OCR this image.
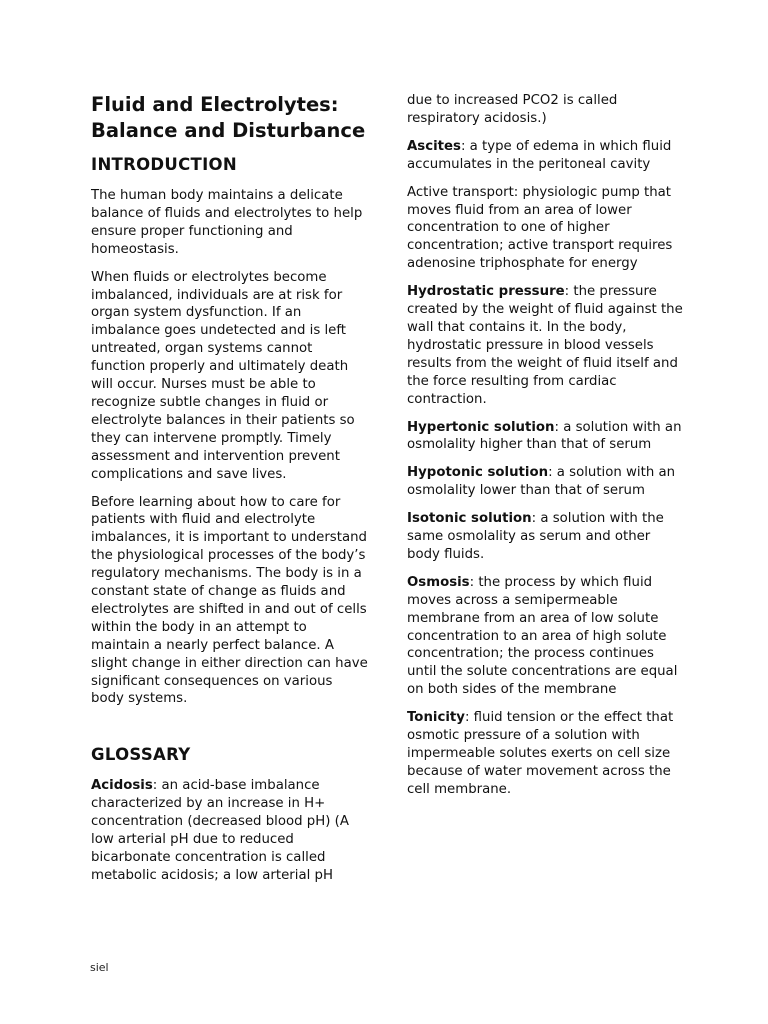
Fluid and Electrolytes: Balance and Disturbance
INTRODUCTION

The human body maintains a delicate balance of fluids and electrolytes to help ensure proper functioning and homeostasis.

When fluids or electrolytes become imbalanced, individuals are at risk for organ system dysfunction. If an imbalance goes undetected and is left untreated, organ systems cannot function properly and ultimately death will occur. Nurses must be able to recognize subtle changes in fluid or electrolyte balances in their patients so they can intervene promptly. Timely assessment and intervention prevent complications and save lives.

Before learning about how to care for patients with fluid and electrolyte imbalances, it is important to understand the physiological processes of the body’s regulatory mechanisms. The body is in a constant state of change as fluids and electrolytes are shifted in and out of cells within the body in an attempt to maintain a nearly perfect balance. A slight change in either direction can have significant consequences on various body systems.

GLOSSARY

Acidosis: an acid-base imbalance characterized by an increase in H+ concentration (decreased blood pH) (A low arterial pH due to reduced bicarbonate concentration is called metabolic acidosis; a low arterial pH

due to increased PCO2 is called respiratory acidosis.)

Ascites: a type of edema in which fluid accumulates in the peritoneal cavity

Active transport: physiologic pump that moves fluid from an area of lower concentration to one of higher concentration; active transport requires adenosine triphosphate for energy

Hydrostatic pressure: the pressure created by the weight of fluid against the wall that contains it. In the body, hydrostatic pressure in blood vessels results from the weight of fluid itself and the force resulting from cardiac contraction.

Hypertonic solution: a solution with an osmolality higher than that of serum

Hypotonic solution: a solution with an osmolality lower than that of serum

Isotonic solution: a solution with the same osmolality as serum and other body fluids.

Osmosis: the process by which fluid moves across a semipermeable membrane from an area of low solute concentration to an area of high solute concentration; the process continues until the solute concentrations are equal on both sides of the membrane

Tonicity: fluid tension or the effect that osmotic pressure of a solution with impermeable solutes exerts on cell size because of water movement across the cell membrane.

siel
